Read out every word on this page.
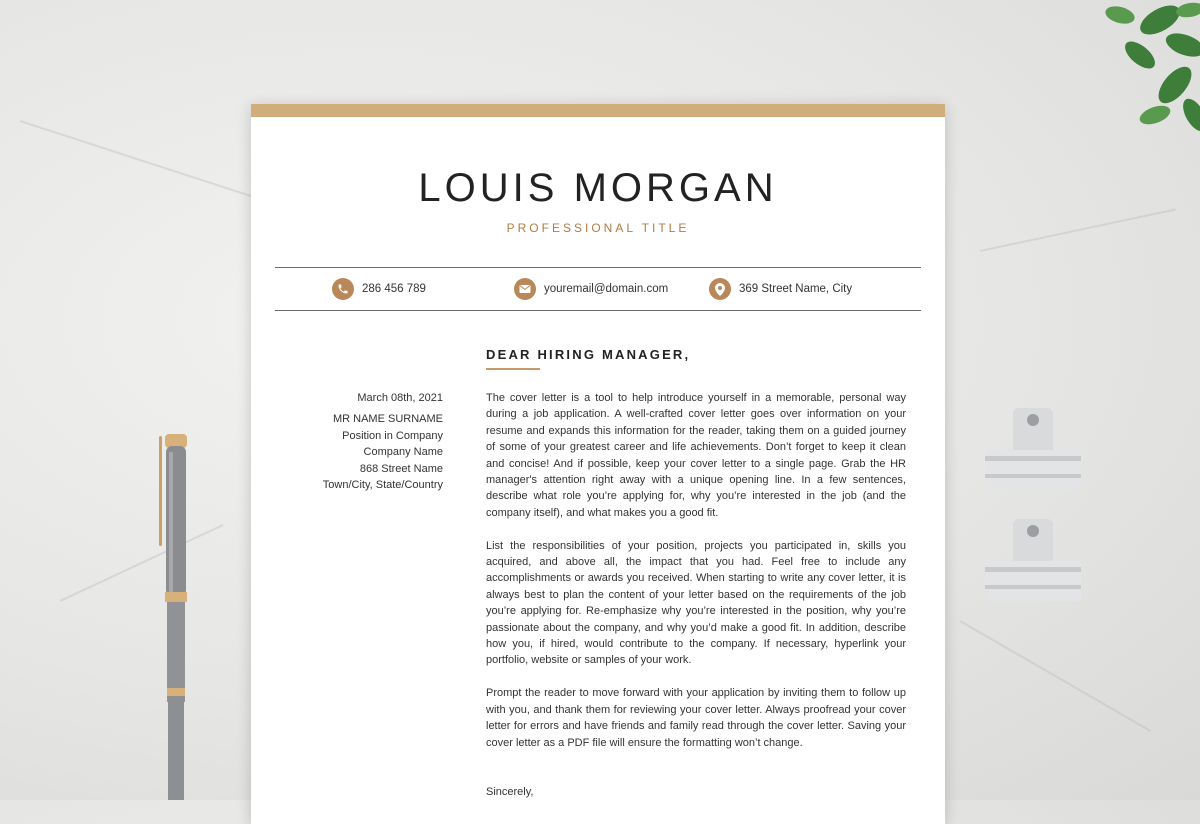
LOUIS MORGAN
PROFESSIONAL TITLE
286 456 789	youremail@domain.com	369 Street Name, City
DEAR HIRING MANAGER,
March 08th, 2021
MR NAME SURNAME
Position in Company
Company Name
868 Street Name
Town/City, State/Country

The cover letter is a tool to help introduce yourself in a memorable, personal way during a job application. A well-crafted cover letter goes over information on your resume and expands this information for the reader, taking them on a guided journey of some of your greatest career and life achievements. Don’t forget to keep it clean and concise! And if possible, keep your cover letter to a single page. Grab the HR manager's attention right away with a unique opening line. In a few sentences, describe what role you’re applying for, why you’re interested in the job (and the company itself), and what makes you a good fit.

List the responsibilities of your position, projects you participated in, skills you acquired, and above all, the impact that you had. Feel free to include any accomplishments or awards you received. When starting to write any cover letter, it is always best to plan the content of your letter based on the requirements of the job you’re applying for. Re-emphasize why you’re interested in the position, why you’re passionate about the company, and why you’d make a good fit. In addition, describe how you, if hired, would contribute to the company. If necessary, hyperlink your portfolio, website or samples of your work.

Prompt the reader to move forward with your application by inviting them to follow up with you, and thank them for reviewing your cover letter. Always proofread your cover letter for errors and have friends and family read through the cover letter. Saving your cover letter as a PDF file will ensure the formatting won’t change.

Sincerely,
